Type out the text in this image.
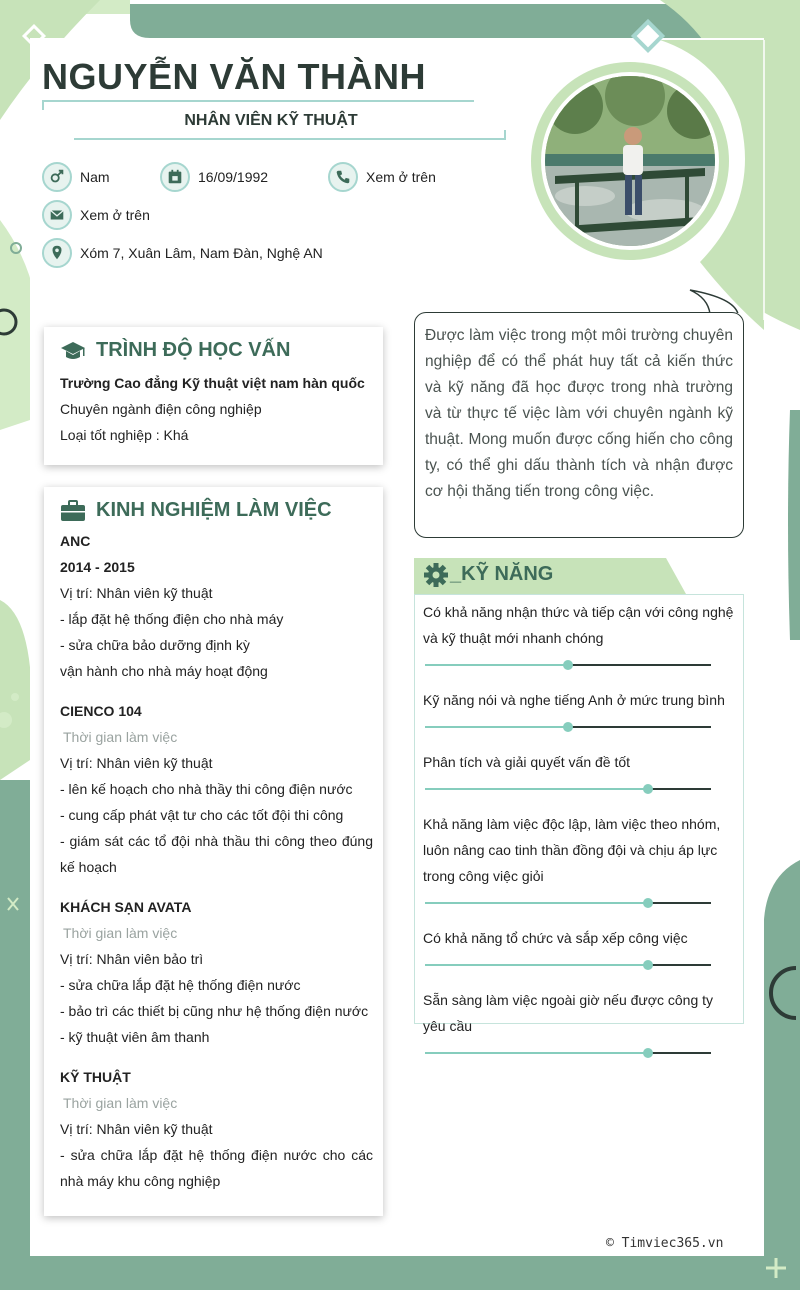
NGUYỄN VĂN THÀNH
NHÂN VIÊN KỸ THUẬT
Nam	16/09/1992	Xem ở trên
Xem ở trên
Xóm 7, Xuân Lâm, Nam Đàn, Nghệ AN

Được làm việc trong một môi trường chuyên nghiệp để có thể phát huy tất cả kiến thức và kỹ năng đã học được trong nhà trường và từ thực tế việc làm với chuyên ngành kỹ thuật. Mong muốn được cống hiến cho công ty, có thể ghi dấu thành tích và nhận được cơ hội thăng tiến trong công việc.

TRÌNH ĐỘ HỌC VẤN

Trường Cao đẳng Kỹ thuật việt nam hàn quốc

Chuyên ngành điện công nghiệp

Loại tốt nghiệp : Khá

KINH NGHIỆM LÀM VIỆC

ANC

2014 - 2015

Vị trí: Nhân viên kỹ thuật

- lắp đặt hệ thống điện cho nhà máy

- sửa chữa bảo dưỡng định kỳ

vận hành cho nhà máy hoạt động

CIENCO 104

Thời gian làm việc

Vị trí: Nhân viên kỹ thuật

- lên kế hoạch cho nhà thầy thi công điện nước

- cung cấp phát vật tư cho các tốt đội thi công

- giám sát các tổ đội nhà thầu thi công theo đúng kế hoạch

KHÁCH SẠN AVATA

Thời gian làm việc

Vị trí: Nhân viên bảo trì

- sửa chữa lắp đặt hệ thống điện nước

- bảo trì các thiết bị cũng như hệ thống điện nước

- kỹ thuật viên âm thanh

KỸ THUẬT

Thời gian làm việc

Vị trí: Nhân viên kỹ thuật

- sửa chữa lắp đặt hệ thống điện nước cho các nhà máy khu công nghiệp

_KỸ NĂNG
Có khả năng nhận thức và tiếp cận với công nghệ và kỹ thuật mới nhanh chóng
Kỹ năng nói và nghe tiếng Anh ở mức trung bình
Phân tích và giải quyết vấn đề tốt
Khả năng làm việc độc lập, làm việc theo nhóm, luôn nâng cao tinh thần đồng đội và chịu áp lực trong công việc giỏi
Có khả năng tổ chức và sắp xếp công việc
Sẵn sàng làm việc ngoài giờ nếu được công ty yêu cầu
© Timviec365.vn
